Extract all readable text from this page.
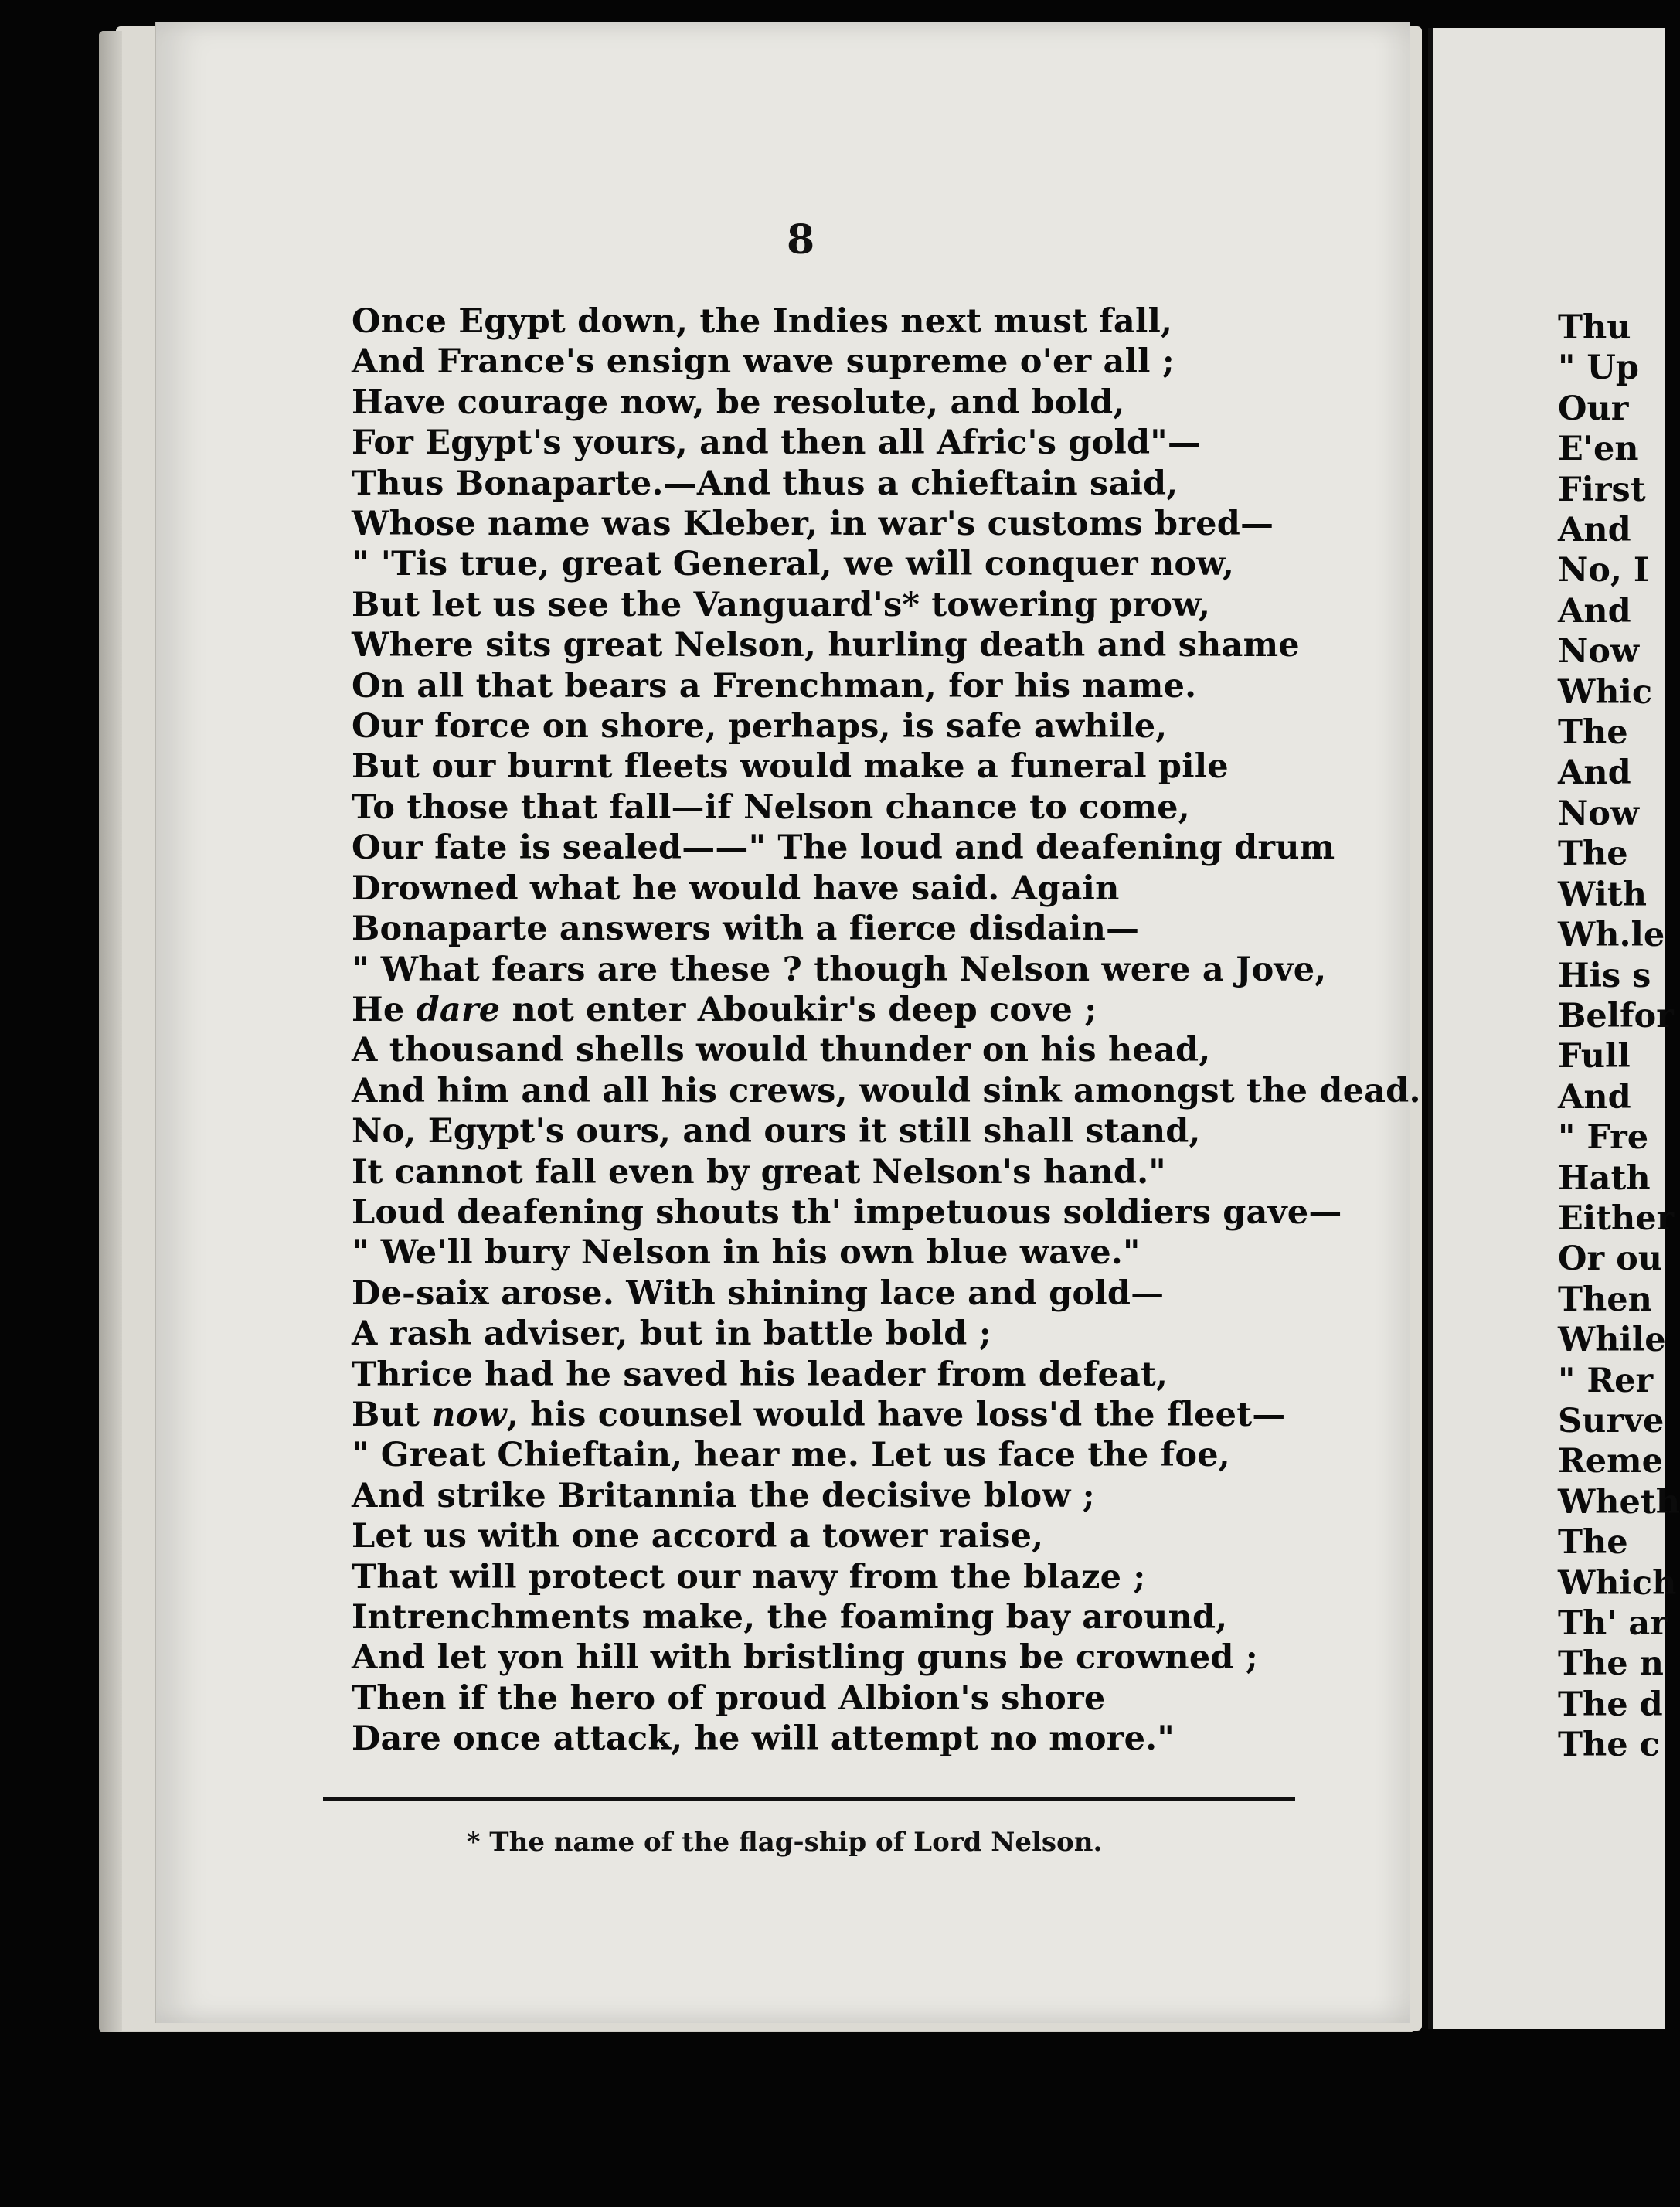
8
Once Egypt down, the Indies next must fall,
And France's ensign wave supreme o'er all ;
Have courage now, be resolute, and bold,
For Egypt's yours, and then all Afric's gold"—
Thus Bonaparte.—And thus a chieftain said,
Whose name was Kleber, in war's customs bred—
" 'Tis true, great General, we will conquer now,
But let us see the Vanguard's* towering prow,
Where sits great Nelson, hurling death and shame
On all that bears a Frenchman, for his name.
Our force on shore, perhaps, is safe awhile,
But our burnt fleets would make a funeral pile
To those that fall—if Nelson chance to come,
Our fate is sealed——" The loud and deafening drum
Drowned what he would have said. Again
Bonaparte answers with a fierce disdain—
" What fears are these ? though Nelson were a Jove,
He dare not enter Aboukir's deep cove ;
A thousand shells would thunder on his head,
And him and all his crews, would sink amongst the dead.
No, Egypt's ours, and ours it still shall stand,
It cannot fall even by great Nelson's hand."
Loud deafening shouts th' impetuous soldiers gave—
" We'll bury Nelson in his own blue wave."
De-saix arose. With shining lace and gold—
A rash adviser, but in battle bold ;
Thrice had he saved his leader from defeat,
But now, his counsel would have loss'd the fleet—
" Great Chieftain, hear me. Let us face the foe,
And strike Britannia the decisive blow ;
Let us with one accord a tower raise,
That will protect our navy from the blaze ;
Intrenchments make, the foaming bay around,
And let yon hill with bristling guns be crowned ;
Then if the hero of proud Albion's shore
Dare once attack, he will attempt no more."
* The name of the flag-ship of Lord Nelson.
Thu
" Up
Our
E'en
First
And
No, I
And
Now
Whic
The
And
Now
The
With
Wh.le
His s
Belfor
Full
And
" Fre
Hath
Either
Or ou
Then
While
" Rer
Surve
Reme
Wheth
The
Which
Th' ar
The n
The d
The c
